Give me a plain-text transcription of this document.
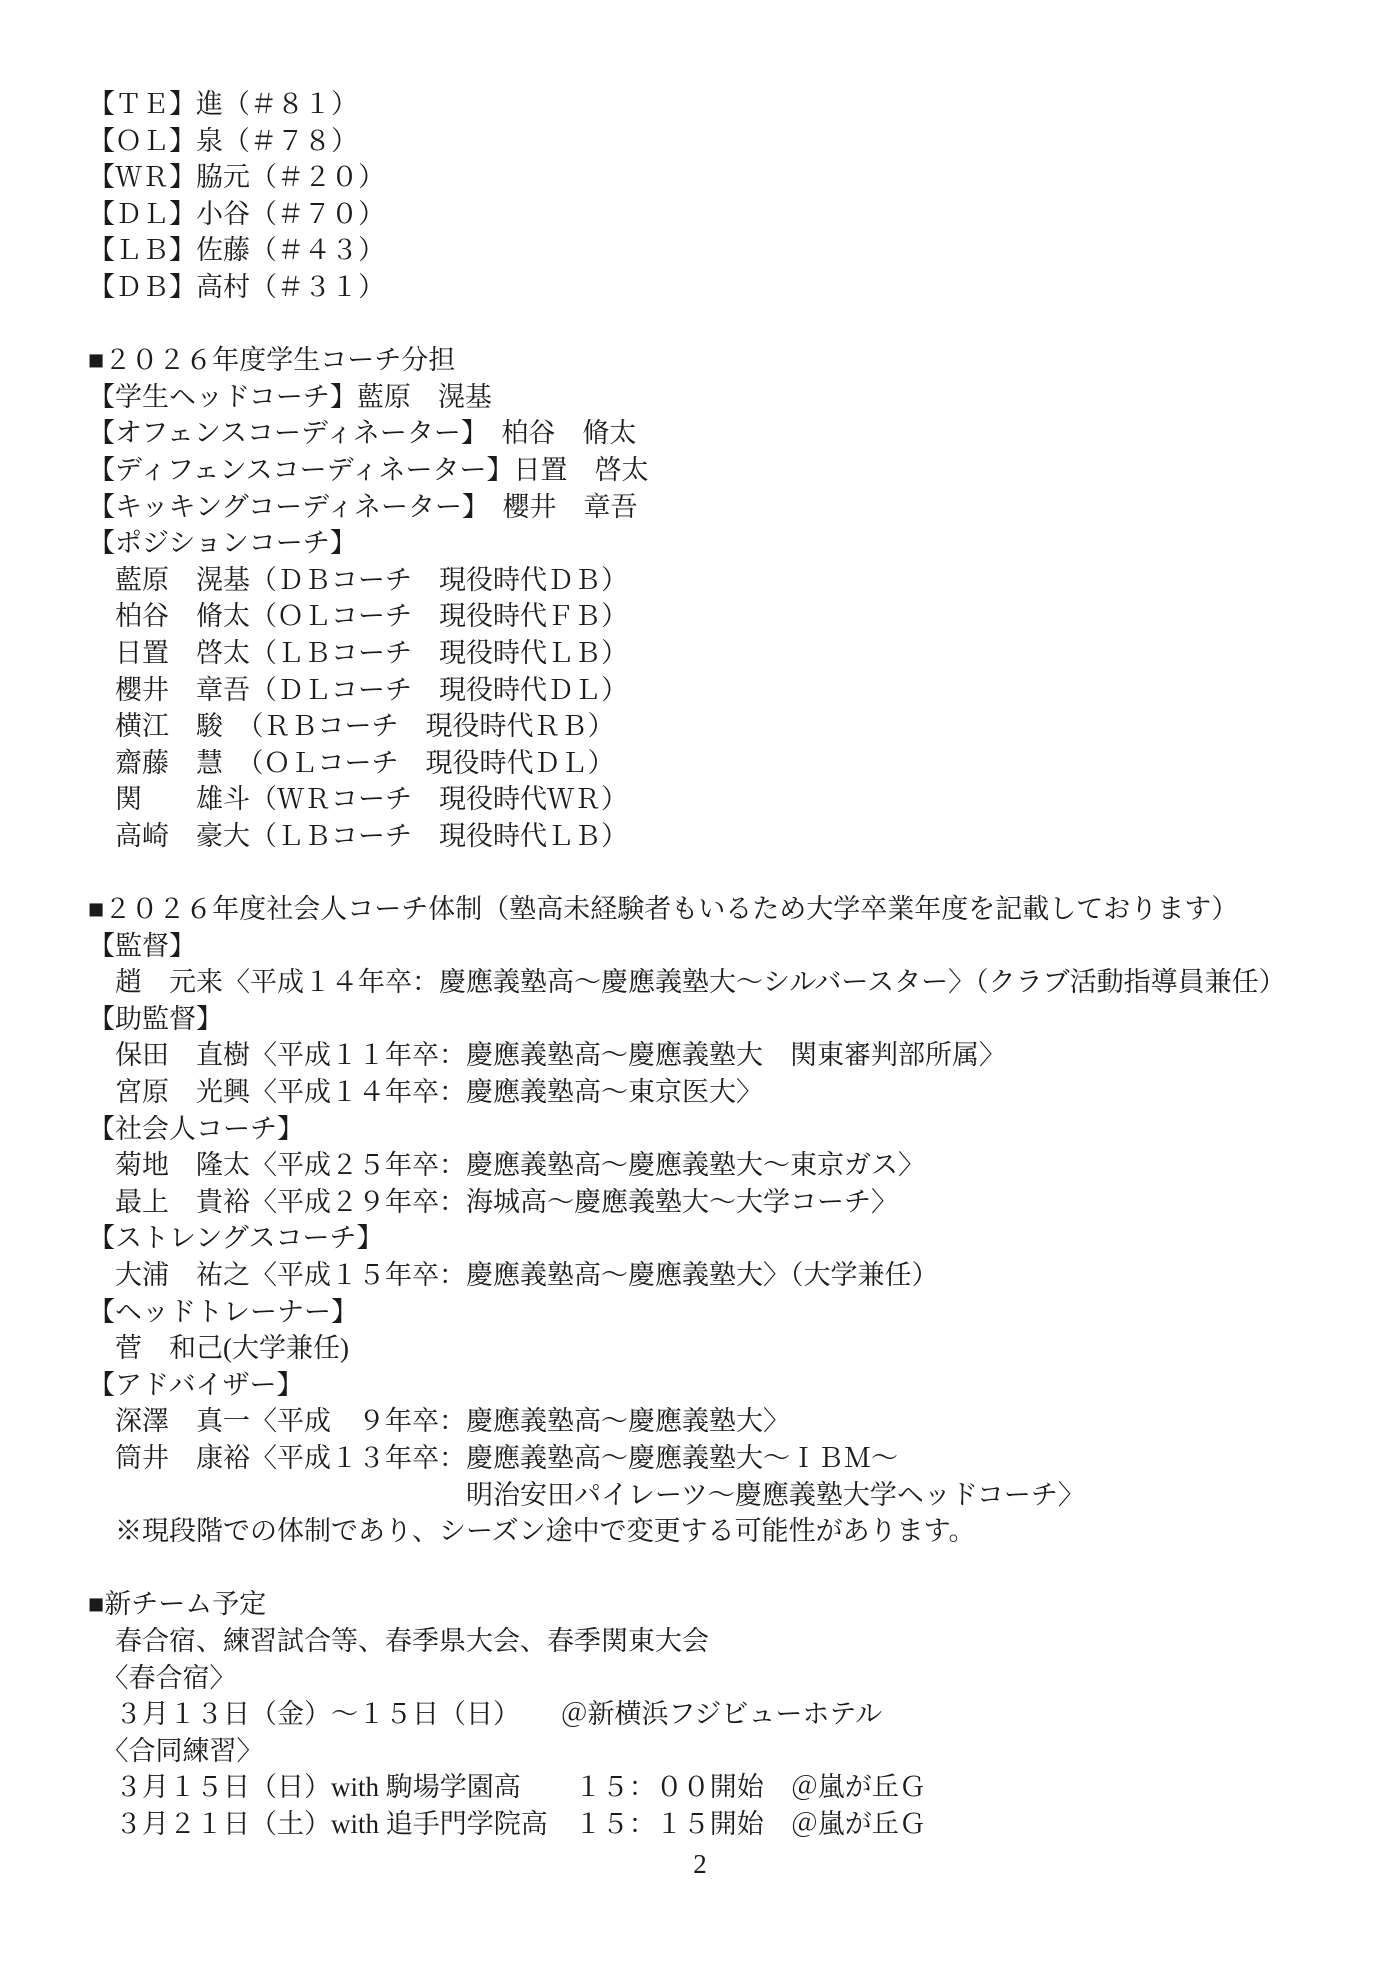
【ＴＥ】進（＃８１）
【ＯＬ】泉（＃７８）
【ＷＲ】脇元（＃２０）
【ＤＬ】小谷（＃７０）
【ＬＢ】佐藤（＃４３）
【ＤＢ】高村（＃３１）
■２０２６年度学生コーチ分担
【学生ヘッドコーチ】藍原　滉基
【オフェンスコーディネーター】　柏谷　脩太
【ディフェンスコーディネーター】日置　啓太
【キッキングコーディネーター】　櫻井　章吾
【ポジションコーチ】
　藍原　滉基（ＤＢコーチ　現役時代ＤＢ）
　柏谷　脩太（ＯＬコーチ　現役時代ＦＢ）
　日置　啓太（ＬＢコーチ　現役時代ＬＢ）
　櫻井　章吾（ＤＬコーチ　現役時代ＤＬ）
　横江　駿　（ＲＢコーチ　現役時代ＲＢ）
　齋藤　慧　（ＯＬコーチ　現役時代ＤＬ）
　関　　雄斗（ＷＲコーチ　現役時代ＷＲ）
　高崎　豪大（ＬＢコーチ　現役時代ＬＢ）
■２０２６年度社会人コーチ体制（塾高未経験者もいるため大学卒業年度を記載しております）
【監督】
　趙　元来〈平成１４年卒：慶應義塾高～慶應義塾大～シルバースター〉（クラブ活動指導員兼任）
【助監督】
　保田　直樹〈平成１１年卒：慶應義塾高～慶應義塾大　関東審判部所属〉
　宮原　光興〈平成１４年卒：慶應義塾高～東京医大〉
【社会人コーチ】
　菊地　隆太〈平成２５年卒：慶應義塾高～慶應義塾大～東京ガス〉
　最上　貴裕〈平成２９年卒：海城高～慶應義塾大～大学コーチ〉
【ストレングスコーチ】
　大浦　祐之〈平成１５年卒：慶應義塾高～慶應義塾大〉（大学兼任）
【ヘッドトレーナー】
　菅　和己(大学兼任)
【アドバイザー】
　深澤　真一〈平成　９年卒：慶應義塾高～慶應義塾大〉
　筒井　康裕〈平成１３年卒：慶應義塾高～慶應義塾大～ＩＢＭ～
　　　　　　　　　　　　　　明治安田パイレーツ～慶應義塾大学ヘッドコーチ〉
　※現段階での体制であり、シーズン途中で変更する可能性があります。
■新チーム予定
　春合宿、練習試合等、春季県大会、春季関東大会
　〈春合宿〉
　３月１３日（金）～１５日（日）　　＠新横浜フジビューホテル
　〈合同練習〉
　３月１５日（日）with 駒場学園高　　１５：００開始　＠嵐が丘Ｇ
　３月２１日（土）with 追手門学院高　１５：１５開始　＠嵐が丘Ｇ
2
